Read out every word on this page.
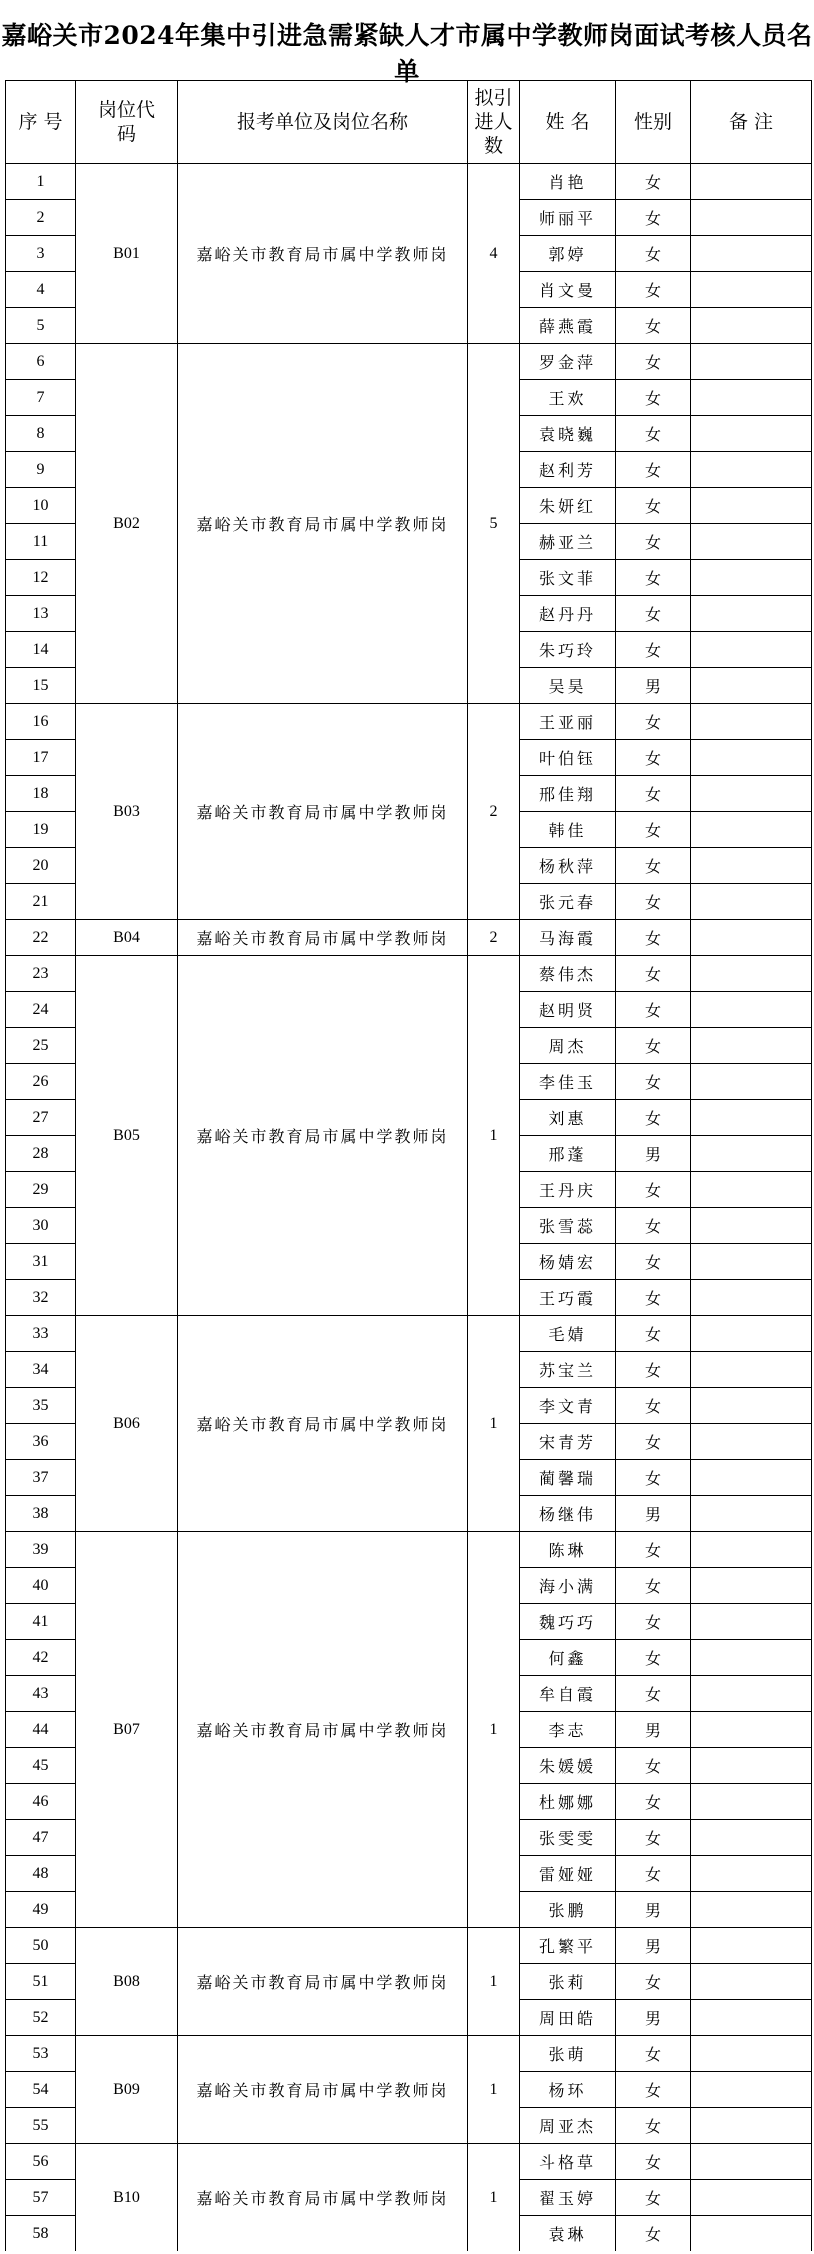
嘉峪关市2024年集中引进急需紧缺人才市属中学教师岗面试考核人员名单
序 号	岗位代码	报考单位及岗位名称	拟引进人数	姓 名	性别	备 注
1	B01	嘉峪关市教育局市属中学教师岗	4	肖艳	女	
2				师丽平	女	
3				郭婷	女	
4				肖文曼	女	
5				薛燕霞	女	
6	B02	嘉峪关市教育局市属中学教师岗	5	罗金萍	女	
7				王欢	女	
8				袁晓巍	女	
9				赵利芳	女	
10				朱妍红	女	
11				赫亚兰	女	
12				张文菲	女	
13				赵丹丹	女	
14				朱巧玲	女	
15				吴昊	男	
16	B03	嘉峪关市教育局市属中学教师岗	2	王亚丽	女	
17				叶伯钰	女	
18				邢佳翔	女	
19				韩佳	女	
20				杨秋萍	女	
21				张元春	女	
22	B04	嘉峪关市教育局市属中学教师岗	2	马海霞	女	
23	B05	嘉峪关市教育局市属中学教师岗	1	蔡伟杰	女	
24				赵明贤	女	
25				周杰	女	
26				李佳玉	女	
27				刘惠	女	
28				邢蓬	男	
29				王丹庆	女	
30				张雪蕊	女	
31				杨婧宏	女	
32				王巧霞	女	
33	B06	嘉峪关市教育局市属中学教师岗	1	毛婧	女	
34				苏宝兰	女	
35				李文青	女	
36				宋青芳	女	
37				蔺馨瑞	女	
38				杨继伟	男	
39	B07	嘉峪关市教育局市属中学教师岗	1	陈琳	女	
40				海小满	女	
41				魏巧巧	女	
42				何鑫	女	
43				牟自霞	女	
44				李志	男	
45				朱媛媛	女	
46				杜娜娜	女	
47				张雯雯	女	
48				雷娅娅	女	
49				张鹏	男	
50	B08	嘉峪关市教育局市属中学教师岗	1	孔繁平	男	
51				张莉	女	
52				周田皓	男	
53	B09	嘉峪关市教育局市属中学教师岗	1	张萌	女	
54				杨环	女	
55				周亚杰	女	
56	B10	嘉峪关市教育局市属中学教师岗	1	斗格草	女	
57				翟玉婷	女	
58				袁琳	女	
